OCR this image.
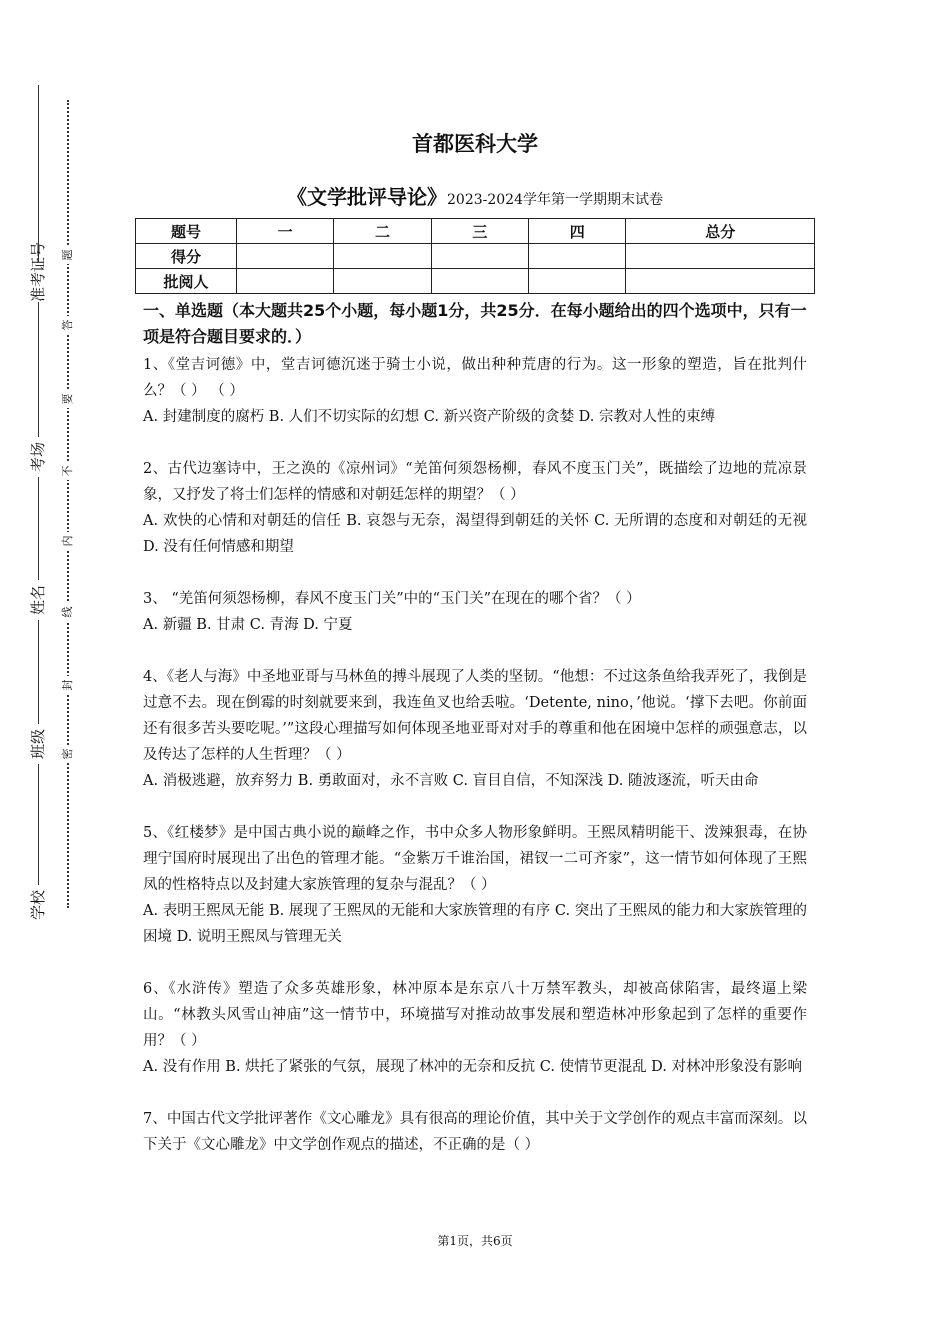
准考证号
考场
姓名
班级
学校
题
答
要
不
内
线
封
密
首都医科大学
《文学批评导论》2023-2024学年第一学期期末试卷
题号	一	二	三	四	总分
得分					
批阅人					
一、单选题（本大题共25个小题，每小题1分，共25分．在每小题给出的四个选项中，只有一项是符合题目要求的．）

1、《堂吉诃德》中，堂吉诃德沉迷于骑士小说，做出种种荒唐的行为。这一形象的塑造，旨在批判什么？（ ） （ ）

A. 封建制度的腐朽 B. 人们不切实际的幻想 C. 新兴资产阶级的贪婪 D. 宗教对人性的束缚

2、古代边塞诗中，王之涣的《凉州词》“羌笛何须怨杨柳，春风不度玉门关”，既描绘了边地的荒凉景象，又抒发了将士们怎样的情感和对朝廷怎样的期望？（ ）

A. 欢快的心情和对朝廷的信任 B. 哀怨与无奈，渴望得到朝廷的关怀 C. 无所谓的态度和对朝廷的无视 D. 没有任何情感和期望

3、 “羌笛何须怨杨柳，春风不度玉门关”中的“玉门关”在现在的哪个省？（ ）

A. 新疆 B. 甘肃 C. 青海 D. 宁夏

4、《老人与海》中圣地亚哥与马林鱼的搏斗展现了人类的坚韧。“他想：不过这条鱼给我弄死了，我倒是过意不去。现在倒霉的时刻就要来到，我连鱼叉也给丢啦。‘Detente, nino，’他说。‘撑下去吧。你前面还有很多苦头要吃呢。’”这段心理描写如何体现圣地亚哥对对手的尊重和他在困境中怎样的顽强意志，以及传达了怎样的人生哲理？（ ）

A. 消极逃避，放弃努力 B. 勇敢面对，永不言败 C. 盲目自信，不知深浅 D. 随波逐流，听天由命

5、《红楼梦》是中国古典小说的巅峰之作，书中众多人物形象鲜明。王熙凤精明能干、泼辣狠毒，在协理宁国府时展现出了出色的管理才能。“金紫万千谁治国，裙钗一二可齐家”，这一情节如何体现了王熙凤的性格特点以及封建大家族管理的复杂与混乱？（ ）

A. 表明王熙凤无能 B. 展现了王熙凤的无能和大家族管理的有序 C. 突出了王熙凤的能力和大家族管理的困境 D. 说明王熙凤与管理无关

6、《水浒传》塑造了众多英雄形象，林冲原本是东京八十万禁军教头，却被高俅陷害，最终逼上梁山。“林教头风雪山神庙”这一情节中，环境描写对推动故事发展和塑造林冲形象起到了怎样的重要作用？（ ）

A. 没有作用 B. 烘托了紧张的气氛，展现了林冲的无奈和反抗 C. 使情节更混乱 D. 对林冲形象没有影响

7、中国古代文学批评著作《文心雕龙》具有很高的理论价值，其中关于文学创作的观点丰富而深刻。以下关于《文心雕龙》中文学创作观点的描述，不正确的是（ ）

第1页，共6页
